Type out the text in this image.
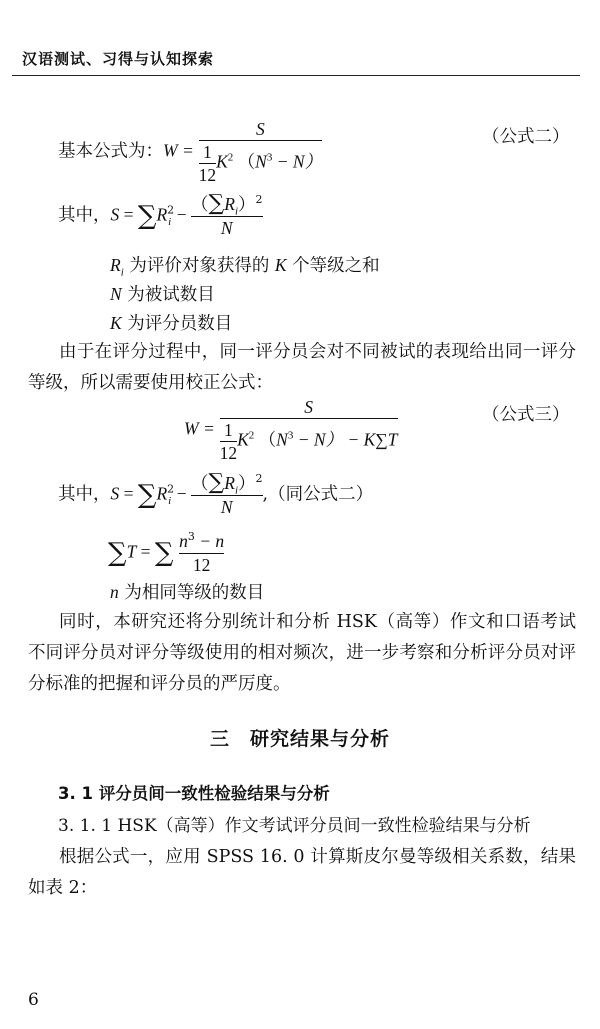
汉语测试、习得与认知探索
基本公式为：$W = \frac{S}{\frac{1}{12} K^2 (N^3 - N)}$	（公式二）
其中，$S = \sum R^2_i - \frac{(\sum R_i)^2}{N}$
$R_i$ 为评价对象获得的 K 个等级之和
N 为被试数目
K 为评分员数目
由于在评分过程中，同一评分员会对不同被试的表现给出同一评分等级，所以需要使用校正公式：
$W = \frac{S}{\frac{1}{12} K^2 (N^3 - N) - K\sum T}$	（公式三）
其中，$S = \sum R^2_i - \frac{(\sum R_i)^2}{N}$ ,（同公式二）
∑T = ∑ $\frac{n^3 - n}{12}$
n 为相同等级的数目
同时，本研究还将分别统计和分析 HSK（高等）作文和口语考试不同评分员对评分等级使用的相对频次，进一步考察和分析评分员对评分标准的把握和评分员的严厉度。
三　研究结果与分析
3. 1 评分员间一致性检验结果与分析
3. 1. 1 HSK（高等）作文考试评分员间一致性检验结果与分析
根据公式一，应用 SPSS 16. 0 计算斯皮尔曼等级相关系数，结果如表 2：
6
